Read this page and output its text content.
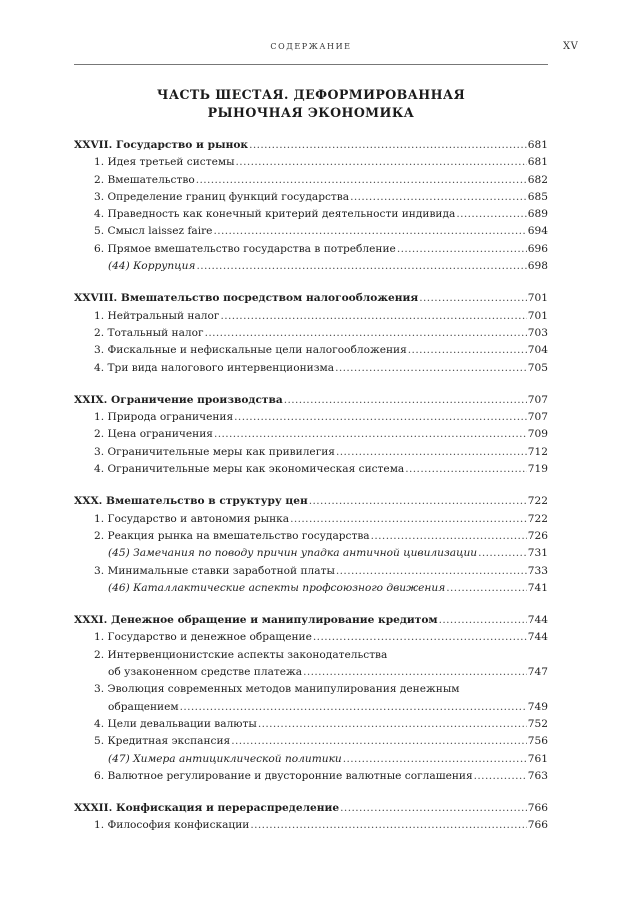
СОДЕРЖАНИЕ	XV
ЧАСТЬ ШЕСТАЯ. ДЕФОРМИРОВАННАЯ
РЫНОЧНАЯ ЭКОНОМИКА
XXVII. Государство и рынок .....	681
1. Идея третьей системы .....	681
2. Вмешательство .....	682
3. Определение границ функций государства .....	685
4. Праведность как конечный критерий деятельности индивида .....	689
5. Смысл laissez faire .....	694
6. Прямое вмешательство государства в потребление .....	696
(44) Коррупция .....	698
XXVIII. Вмешательство посредством налогообложения .....	701
1. Нейтральный налог .....	701
2. Тотальный налог .....	703
3. Фискальные и нефискальные цели налогообложения .....	704
4. Три вида налогового интервенционизма .....	705
XXIX. Ограничение производства .....	707
1. Природа ограничения .....	707
2. Цена ограничения .....	709
3. Ограничительные меры как привилегия .....	712
4. Ограничительные меры как экономическая система .....	719
XXX. Вмешательство в структуру цен .....	722
1. Государство и автономия рынка .....	722
2. Реакция рынка на вмешательство государства .....	726
(45) Замечания по поводу причин упадка античной цивилизации .....	731
3. Минимальные ставки заработной платы .....	733
(46) Каталлактические аспекты профсоюзного движения .....	741
XXXI. Денежное обращение и манипулирование кредитом .....	744
1. Государство и денежное обращение .....	744
2. Интервенционистские аспекты законодательства
об узаконенном средстве платежа .....	747
3. Эволюция современных методов манипулирования денежным
обращением .....	749
4. Цели девальвации валюты .....	752
5. Кредитная экспансия .....	756
(47) Химера антициклической политики .....	761
6. Валютное регулирование и двусторонние валютные соглашения .....	763
XXXII. Конфискация и перераспределение .....	766
1. Философия конфискации .....	766
